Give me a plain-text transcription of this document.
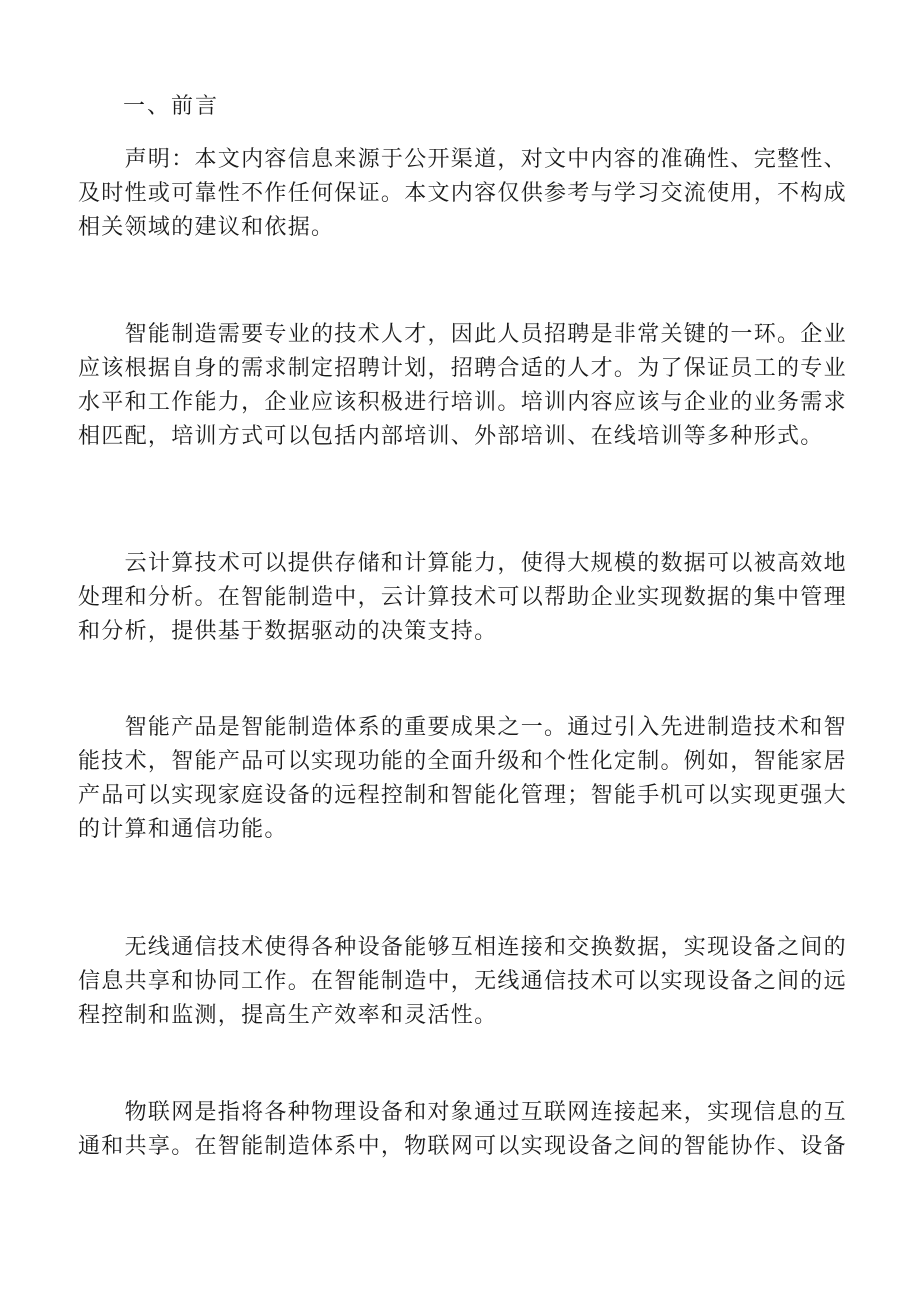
一、前言

　　声明：本文内容信息来源于公开渠道，对文中内容的准确性、完整性、
及时性或可靠性不作任何保证。本文内容仅供参考与学习交流使用，不构成
相关领域的建议和依据。

　　智能制造需要专业的技术人才，因此人员招聘是非常关键的一环。企业
应该根据自身的需求制定招聘计划，招聘合适的人才。为了保证员工的专业
水平和工作能力，企业应该积极进行培训。培训内容应该与企业的业务需求
相匹配，培训方式可以包括内部培训、外部培训、在线培训等多种形式。

　　云计算技术可以提供存储和计算能力，使得大规模的数据可以被高效地
处理和分析。在智能制造中，云计算技术可以帮助企业实现数据的集中管理
和分析，提供基于数据驱动的决策支持。

　　智能产品是智能制造体系的重要成果之一。通过引入先进制造技术和智
能技术，智能产品可以实现功能的全面升级和个性化定制。例如，智能家居
产品可以实现家庭设备的远程控制和智能化管理；智能手机可以实现更强大
的计算和通信功能。

　　无线通信技术使得各种设备能够互相连接和交换数据，实现设备之间的
信息共享和协同工作。在智能制造中，无线通信技术可以实现设备之间的远
程控制和监测，提高生产效率和灵活性。

　　物联网是指将各种物理设备和对象通过互联网连接起来，实现信息的互
通和共享。在智能制造体系中，物联网可以实现设备之间的智能协作、设备
